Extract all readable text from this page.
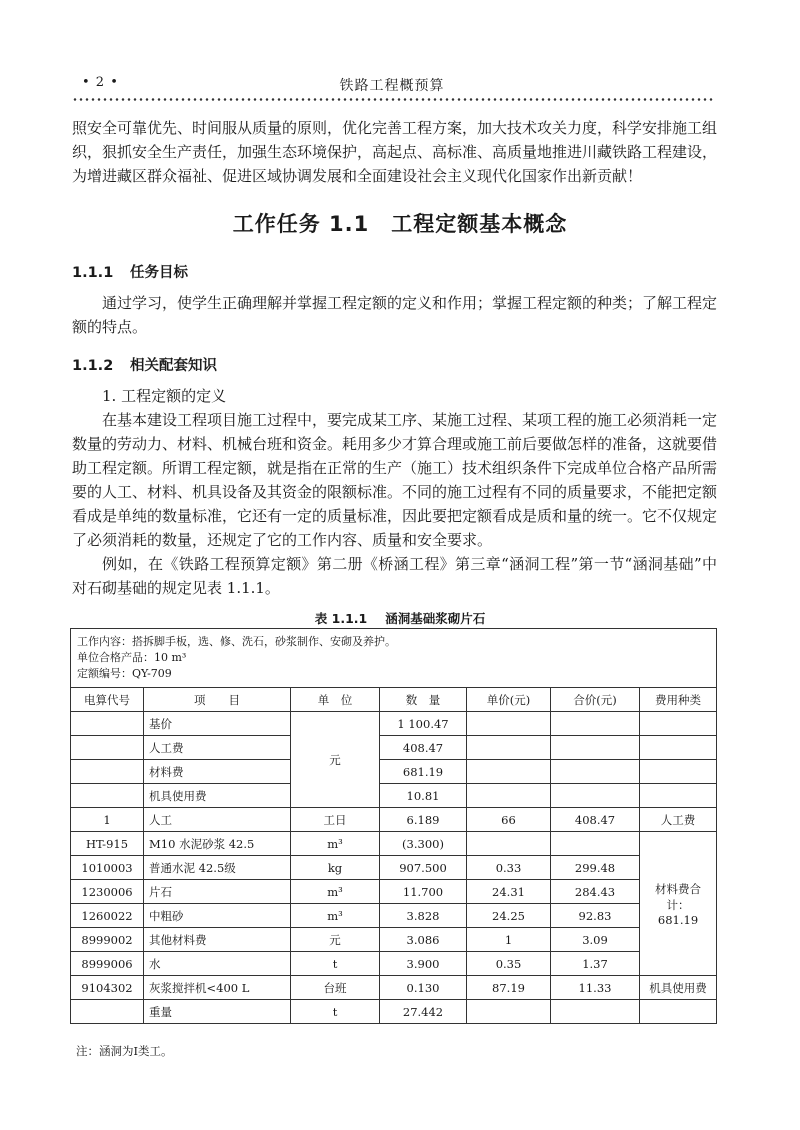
• 2 •	铁路工程概预算
照安全可靠优先、时间服从质量的原则，优化完善工程方案，加大技术攻关力度，科学安排施工组织，狠抓安全生产责任，加强生态环境保护，高起点、高标准、高质量地推进川藏铁路工程建设，为增进藏区群众福祉、促进区域协调发展和全面建设社会主义现代化国家作出新贡献！
工作任务 1.1　工程定额基本概念
1.1.1 任务目标
通过学习，使学生正确理解并掌握工程定额的定义和作用；掌握工程定额的种类；了解工程定额的特点。
1.1.2 相关配套知识
1. 工程定额的定义
在基本建设工程项目施工过程中，要完成某工序、某施工过程、某项工程的施工必须消耗一定数量的劳动力、材料、机械台班和资金。耗用多少才算合理或施工前后要做怎样的准备，这就要借助工程定额。所谓工程定额，就是指在正常的生产（施工）技术组织条件下完成单位合格产品所需要的人工、材料、机具设备及其资金的限额标准。不同的施工过程有不同的质量要求，不能把定额看成是单纯的数量标准，它还有一定的质量标准，因此要把定额看成是质和量的统一。它不仅规定了必须消耗的数量，还规定了它的工作内容、质量和安全要求。
例如，在《铁路工程预算定额》第二册《桥涵工程》第三章“涵洞工程”第一节“涵洞基础”中对石砌基础的规定见表 1.1.1。
表 1.1.1 涵洞基础浆砌片石
工作内容：搭拆脚手板，选、修、洗石，砂浆制作、安砌及养护。
单位合格产品：10 m³
定额编号：QY-709						

电算代号	项　　目	单　位	数　量	单价(元)	合价(元)	费用种类
	基价	元	1 100.47			
	人工费		408.47			
	材料费		681.19			
	机具使用费		10.81			
1	人工	工日	6.189	66	408.47	人工费
HT-915	M10 水泥砂浆 42.5	m³	(3.300)			材料费合计：
681.19

1010003	普通水泥 42.5级	kg	907.500	0.33	299.48	
1230006	片石	m³	11.700	24.31	284.43	
1260022	中粗砂	m³	3.828	24.25	92.83	
8999002	其他材料费	元	3.086	1	3.09	
8999006	水	t	3.900	0.35	1.37	
9104302	灰浆搅拌机<400 L	台班	0.130	87.19	11.33	机具使用费
	重量	t	27.442			
注：涵洞为Ⅰ类工。
